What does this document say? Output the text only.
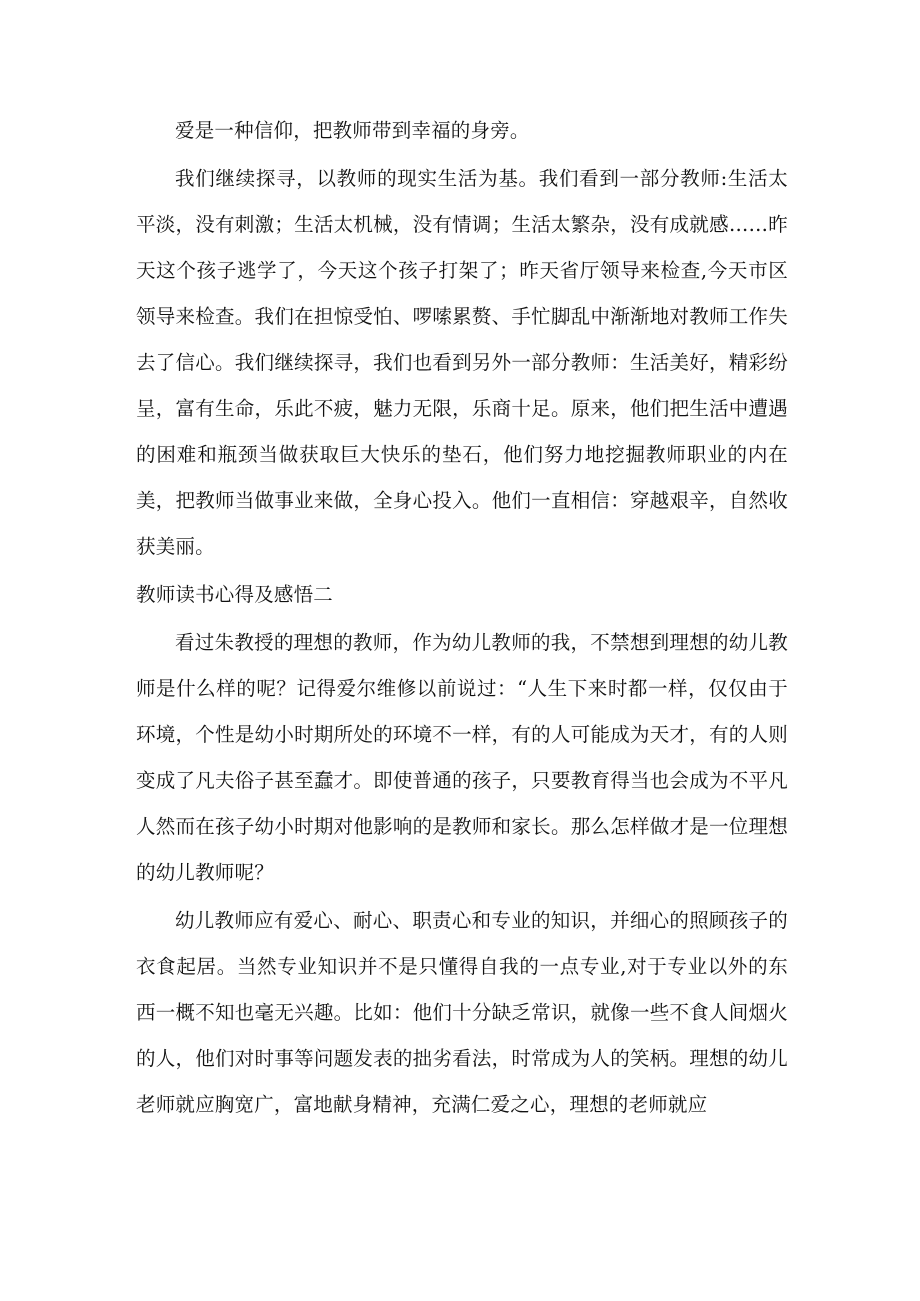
爱是一种信仰，把教师带到幸福的身旁。

我们继续探寻，以教师的现实生活为基。我们看到一部分教师:生活太平淡，没有刺激；生活太机械，没有情调；生活太繁杂，没有成就感……昨天这个孩子逃学了，今天这个孩子打架了；昨天省厅领导来检查,今天市区领导来检查。我们在担惊受怕、啰嗦累赘、手忙脚乱中渐渐地对教师工作失去了信心。我们继续探寻，我们也看到另外一部分教师：生活美好，精彩纷呈，富有生命，乐此不疲，魅力无限，乐商十足。原来，他们把生活中遭遇的困难和瓶颈当做获取巨大快乐的垫石，他们努力地挖掘教师职业的内在美，把教师当做事业来做，全身心投入。他们一直相信：穿越艰辛，自然收获美丽。

教师读书心得及感悟二

看过朱教授的理想的教师，作为幼儿教师的我，不禁想到理想的幼儿教师是什么样的呢？记得爱尔维修以前说过：“人生下来时都一样，仅仅由于环境，个性是幼小时期所处的环境不一样，有的人可能成为天才，有的人则变成了凡夫俗子甚至蠢才。即使普通的孩子，只要教育得当也会成为不平凡人然而在孩子幼小时期对他影响的是教师和家长。那么怎样做才是一位理想的幼儿教师呢？

幼儿教师应有爱心、耐心、职责心和专业的知识，并细心的照顾孩子的衣食起居。当然专业知识并不是只懂得自我的一点专业,对于专业以外的东西一概不知也毫无兴趣。比如：他们十分缺乏常识，就像一些不食人间烟火的人，他们对时事等问题发表的拙劣看法，时常成为人的笑柄。理想的幼儿老师就应胸宽广，富地献身精神，充满仁爱之心，理想的老师就应
